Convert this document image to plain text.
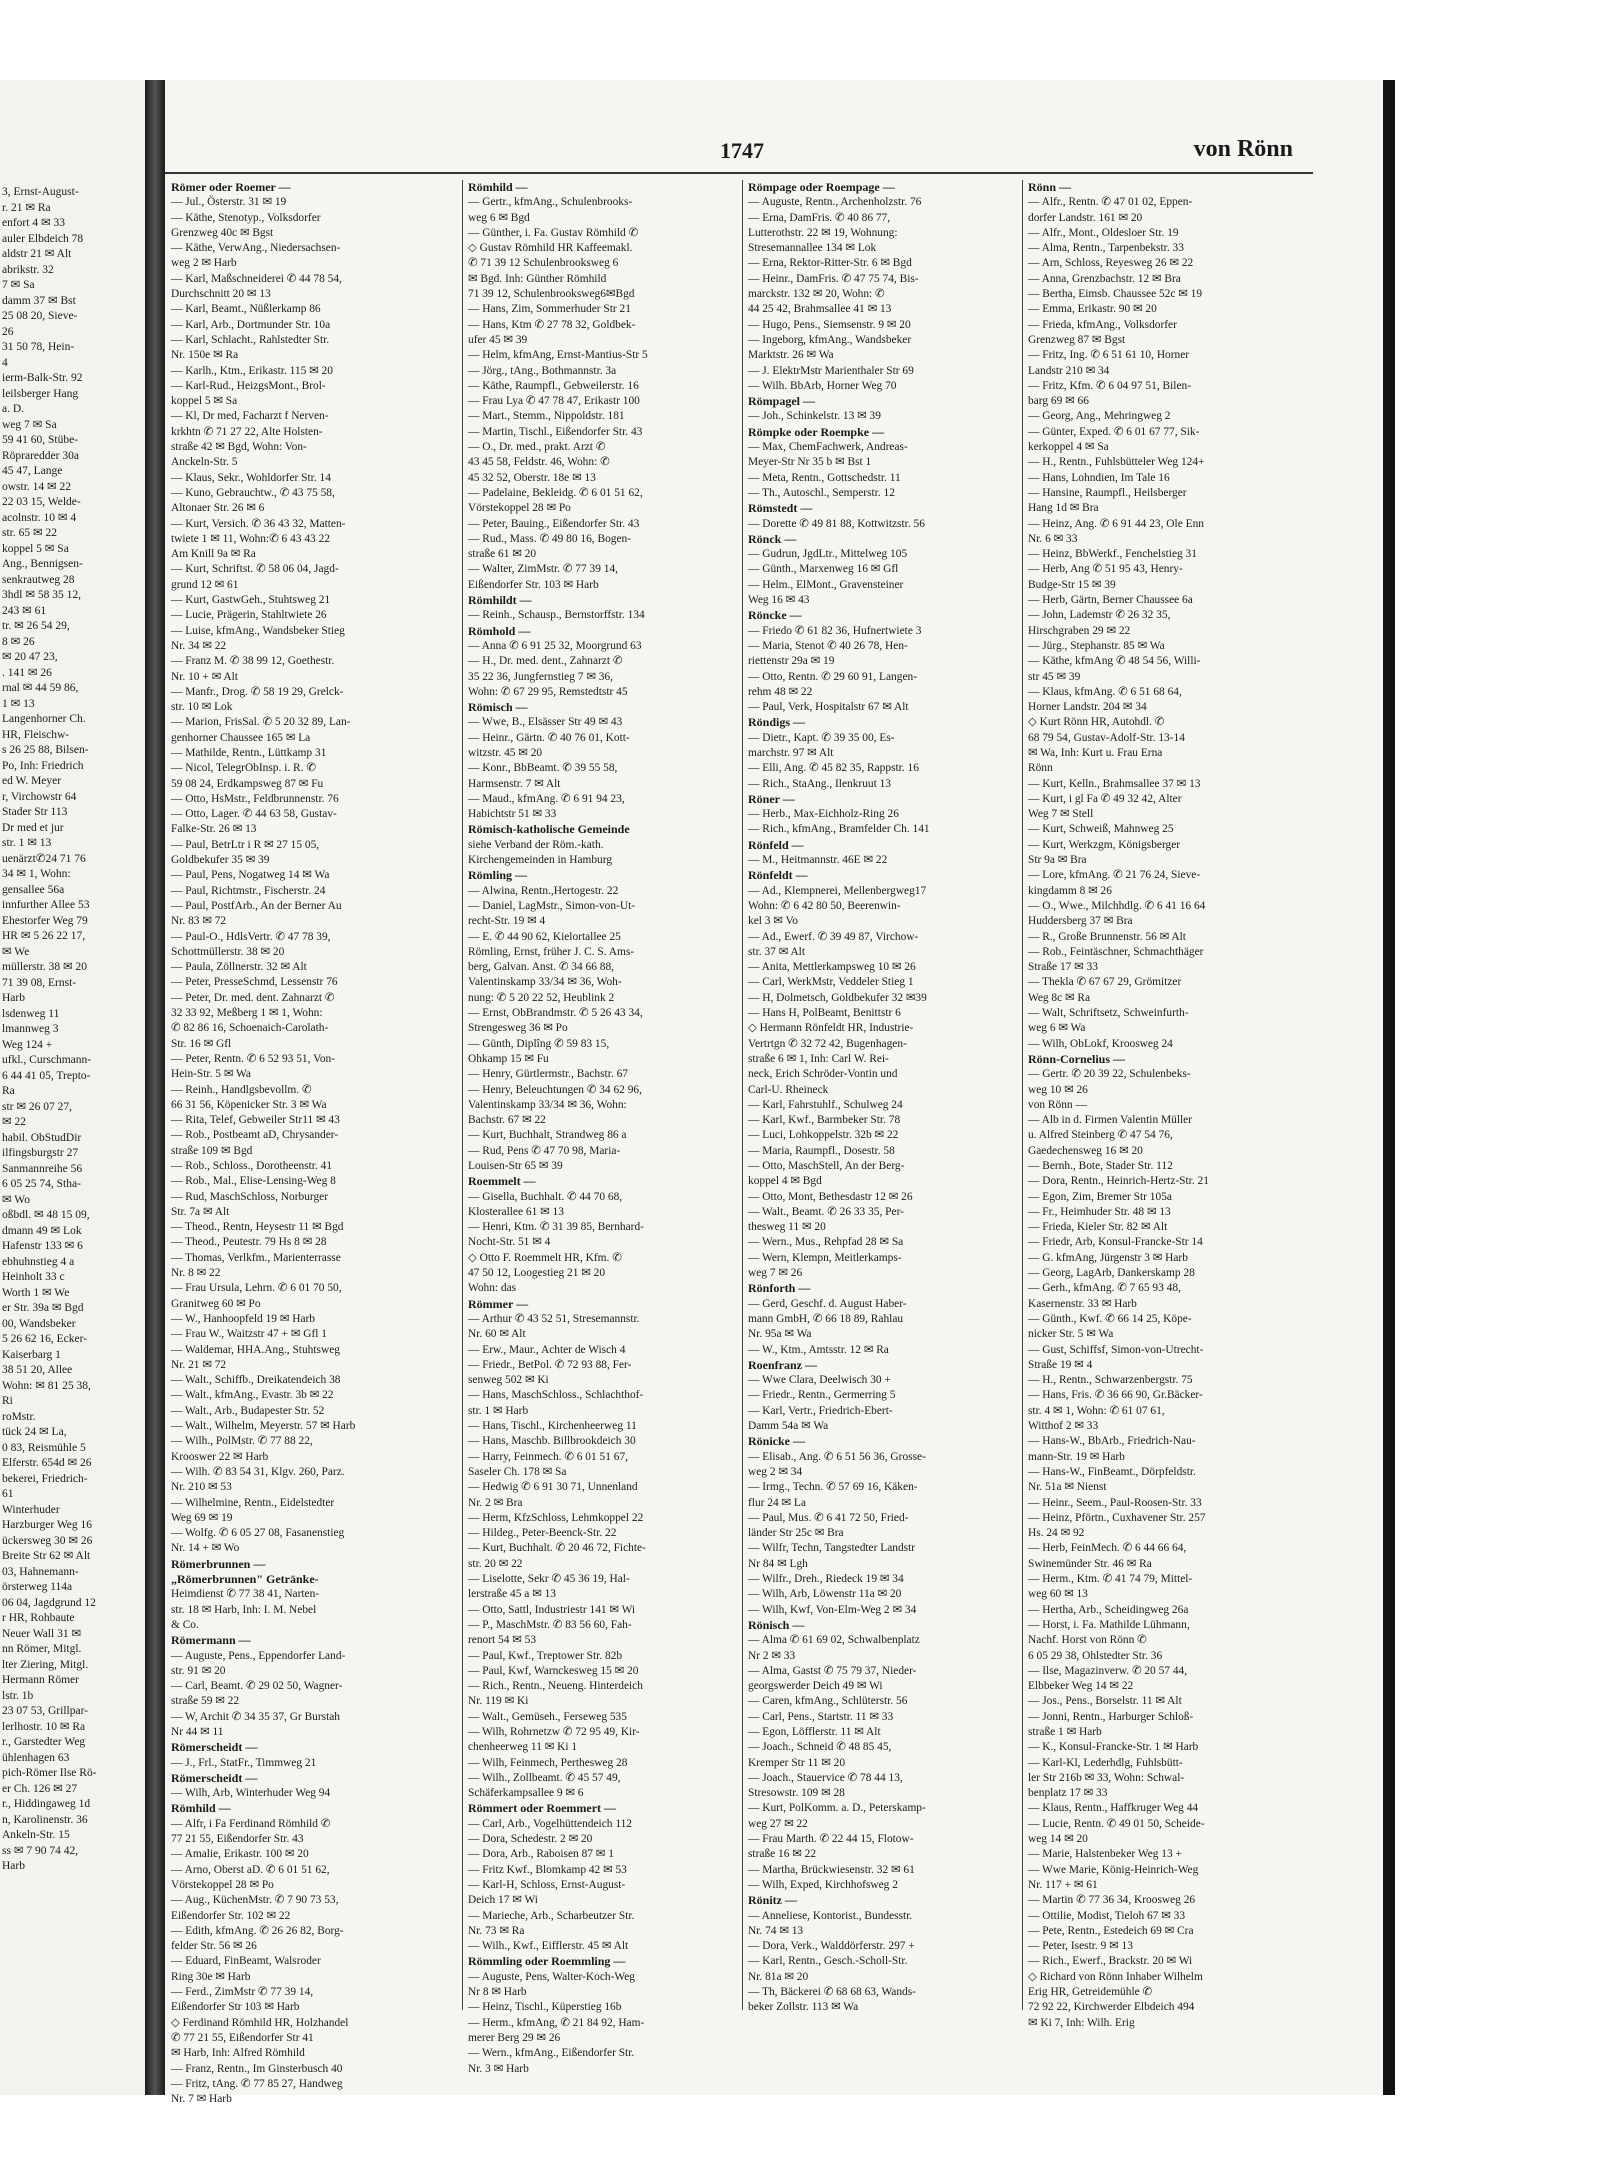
3, Ernst-August-
r. 21 ✉ Ra
enfort 4 ✉ 33
auler Elbdeich 78
aldstr 21 ✉ Alt
abrikstr. 32
7 ✉ Sa
damm 37 ✉ Bst
25 08 20, Sieve-
26
31 50 78, Hein-
4
ierm-Balk-Str. 92
leilsberger Hang
a. D.
weg 7 ✉ Sa
59 41 60, Stübe-
Röpraredder 30a
45 47, Lange
owstr. 14 ✉ 22
22 03 15, Welde-
acolnstr. 10 ✉ 4
str. 65 ✉ 22
koppel 5 ✉ Sa
Ang., Bennigsen-
senkrautweg 28
3hdl ✉ 58 35 12,
243 ✉ 61
tr. ✉ 26 54 29,
8 ✉ 26
✉ 20 47 23,
. 141 ✉ 26
rnal ✉ 44 59 86,
1 ✉ 13
Langenhorner Ch.
HR, Fleischw-
s 26 25 88, Bilsen-
Po, Inh: Friedrich
ed W. Meyer
r, Virchowstr 64
Stader Str 113
Dr med et jur
str. 1 ✉ 13
uenärzt✆24 71 76
34 ✉ 1, Wohn:
gensallee 56a
innfurther Allee 53
Ehestorfer Weg 79
HR ✉ 5 26 22 17,
✉ We
müllerstr. 38 ✉ 20
71 39 08, Ernst-
Harb
lsdenweg 11
lmannweg 3
Weg 124 +
ufkl., Curschmann-
6 44 41 05, Trepto-
Ra
str ✉ 26 07 27,
✉ 22
habil. ObStudDir
ilfingsburgstr 27
Sanmannreihe 56
6 05 25 74, Stha-
✉ Wo
oßbdl. ✉ 48 15 09,
dmann 49 ✉ Lok
Hafenstr 133 ✉ 6
ebhuhnstieg 4 a
Heinholt 33 c
Worth 1 ✉ We
er Str. 39a ✉ Bgd
00, Wandsbeker
5 26 62 16, Ecker-
Kaiserbarg 1
38 51 20, Allee
Wohn: ✉ 81 25 38,
Ri
roMstr.
tück 24 ✉ La,
0 83, Reismühle 5
Elferstr. 654d ✉ 26
bekerei, Friedrich-
61
Winterhuder
Harzburger Weg 16
ückersweg 30 ✉ 26
Breite Str 62 ✉ Alt
03, Hahnemann-
örsterweg 114a
06 04, Jagdgrund 12
r HR, Rohbaute
Neuer Wall 31 ✉
nn Römer, Mitgl.
lter Ziering, Mitgl.
Hermann Römer
lstr. 1b
23 07 53, Grillpar-
lerlhostr. 10 ✉ Ra
r., Garstedter Weg
ühlenhagen 63
pich-Römer Ilse Rö-
er Ch. 126 ✉ 27
r., Hiddingaweg 1d
n, Karolinenstr. 36
Ankeln-Str. 15
ss ✉ 7 90 74 42,
Harb
1747	von Rönn
Römer oder Roemer —
— Jul., Österstr. 31 ✉ 19
— Käthe, Stenotyp., Volksdorfer
Grenzweg 40c ✉ Bgst
— Käthe, VerwAng., Niedersachsen-
weg 2 ✉ Harb
— Karl, Maßschneiderei ✆ 44 78 54,
Durchschnitt 20 ✉ 13
— Karl, Beamt., Nüßlerkamp 86
— Karl, Arb., Dortmunder Str. 10a
— Karl, Schlacht., Rahlstedter Str.
Nr. 150e ✉ Ra
— Karlh., Ktm., Erikastr. 115 ✉ 20
— Karl-Rud., HeizgsMont., Brol-
koppel 5 ✉ Sa
— Kl, Dr med, Facharzt f Nerven-
krkhtn ✆ 71 27 22, Alte Holsten-
straße 42 ✉ Bgd, Wohn: Von-
Anckeln-Str. 5
— Klaus, Sekr., Wohldorfer Str. 14
— Kuno, Gebrauchtw., ✆ 43 75 58,
Altonaer Str. 26 ✉ 6
— Kurt, Versich. ✆ 36 43 32, Matten-
twiete 1 ✉ 11, Wohn:✆ 6 43 43 22
Am Knill 9a ✉ Ra
— Kurt, Schriftst. ✆ 58 06 04, Jagd-
grund 12 ✉ 61
— Kurt, GastwGeh., Stuhtsweg 21
— Lucie, Prägerin, Stahltwiete 26
— Luise, kfmAng., Wandsbeker Stieg
Nr. 34 ✉ 22
— Franz M. ✆ 38 99 12, Goethestr.
Nr. 10 + ✉ Alt
— Manfr., Drog. ✆ 58 19 29, Grelck-
str. 10 ✉ Lok
— Marion, FrisSal. ✆ 5 20 32 89, Lan-
genhorner Chaussee 165 ✉ La
— Mathilde, Rentn., Lüttkamp 31
— Nicol, TelegrObInsp. i. R. ✆
59 08 24, Erdkampsweg 87 ✉ Fu
— Otto, HsMstr., Feldbrunnenstr. 76
— Otto, Lager. ✆ 44 63 58, Gustav-
Falke-Str. 26 ✉ 13
— Paul, BetrLtr i R ✉ 27 15 05,
Goldbekufer 35 ✉ 39
— Paul, Pens, Nogatweg 14 ✉ Wa
— Paul, Richtmstr., Fischerstr. 24
— Paul, PostfArb., An der Berner Au
Nr. 83 ✉ 72
— Paul-O., HdlsVertr. ✆ 47 78 39,
Schottmüllerstr. 38 ✉ 20
— Paula, Zöllnerstr. 32 ✉ Alt
— Peter, PresseSchmd, Lessenstr 76
— Peter, Dr. med. dent. Zahnarzt ✆
32 33 92, Meßberg 1 ✉ 1, Wohn:
✆ 82 86 16, Schoenaich-Carolath-
Str. 16 ✉ Gfl
— Peter, Rentn. ✆ 6 52 93 51, Von-
Hein-Str. 5 ✉ Wa
— Reinh., Handlgsbevollm. ✆
66 31 56, Köpenicker Str. 3 ✉ Wa
— Rita, Telef, Gebweiler Str11 ✉ 43
— Rob., Postbeamt aD, Chrysander-
straße 109 ✉ Bgd
— Rob., Schloss., Dorotheenstr. 41
— Rob., Mal., Elise-Lensing-Weg 8
— Rud, MaschSchloss, Norburger
Str. 7a ✉ Alt
— Theod., Rentn, Heysestr 11 ✉ Bgd
— Theod., Peutestr. 79 Hs 8 ✉ 28
— Thomas, Verlkfm., Marienterrasse
Nr. 8 ✉ 22
— Frau Ursula, Lehrn. ✆ 6 01 70 50,
Granitweg 60 ✉ Po
— W., Hanhoopfeld 19 ✉ Harb
— Frau W., Waitzstr 47 + ✉ Gfl 1
— Waldemar, HHA.Ang., Stuhtsweg
Nr. 21 ✉ 72
— Walt., Schiffb., Dreikatendeich 38
— Walt., kfmAng., Evastr. 3b ✉ 22
— Walt., Arb., Budapester Str. 52
— Walt., Wilhelm, Meyerstr. 57 ✉ Harb
— Wilh., PolMstr. ✆ 77 88 22,
Krooswer 22 ✉ Harb
— Wilh. ✆ 83 54 31, Klgv. 260, Parz.
Nr. 210 ✉ 53
— Wilhelmine, Rentn., Eidelstedter
Weg 69 ✉ 19
— Wolfg. ✆ 6 05 27 08, Fasanenstieg
Nr. 14 + ✉ Wo
Römerbrunnen —
„Römerbrunnen" Getränke-
Heimdienst ✆ 77 38 41, Narten-
str. 18 ✉ Harb, Inh: I. M. Nebel
& Co.
Römermann —
— Auguste, Pens., Eppendorfer Land-
str. 91 ✉ 20
— Carl, Beamt. ✆ 29 02 50, Wagner-
straße 59 ✉ 22
— W, Archit ✆ 34 35 37, Gr Burstah
Nr 44 ✉ 11
Römerscheidt —
— J., Frl., StatFr., Timmweg 21
Römerscheidt —
— Wilh, Arb, Winterhuder Weg 94
Römhild —
— Alfr, i Fa Ferdinand Römhild ✆
77 21 55, Eißendorfer Str. 43
— Amalie, Erikastr. 100 ✉ 20
— Arno, Oberst aD. ✆ 6 01 51 62,
Vörstekoppel 28 ✉ Po
— Aug., KüchenMstr. ✆ 7 90 73 53,
Eißendorfer Str. 102 ✉ 22
— Edith, kfmAng. ✆ 26 26 82, Borg-
felder Str. 56 ✉ 26
— Eduard, FinBeamt, Walsroder
Ring 30e ✉ Harb
— Ferd., ZimMstr ✆ 77 39 14,
Eißendorfer Str 103 ✉ Harb
◇ Ferdinand Römhild HR, Holzhandel
✆ 77 21 55, Eißendorfer Str 41
✉ Harb, Inh: Alfred Römhild
— Franz, Rentn., Im Ginsterbusch 40
— Fritz, tAng. ✆ 77 85 27, Handweg
Nr. 7 ✉ Harb
Römhild —
— Gertr., kfmAng., Schulenbrooks-
weg 6 ✉ Bgd
— Günther, i. Fa. Gustav Römhild ✆
◇ Gustav Römhild HR Kaffeemakl.
✆ 71 39 12 Schulenbrooksweg 6
✉ Bgd. Inh: Günther Römhild
71 39 12, Schulenbrooksweg6✉Bgd
— Hans, Zim, Sommerhuder Str 21
— Hans, Ktm ✆ 27 78 32, Goldbek-
ufer 45 ✉ 39
— Helm, kfmAng, Ernst-Mantius-Str 5
— Jörg., tAng., Bothmannstr. 3a
— Käthe, Raumpfl., Gebweilerstr. 16
— Frau Lya ✆ 47 78 47, Erikastr 100
— Mart., Stemm., Nippoldstr. 181
— Martin, Tischl., Eißendorfer Str. 43
— O., Dr. med., prakt. Arzt ✆
43 45 58, Feldstr. 46, Wohn: ✆
45 32 52, Oberstr. 18e ✉ 13
— Padelaine, Bekleidg. ✆ 6 01 51 62,
Vörstekoppel 28 ✉ Po
— Peter, Bauing., Eißendorfer Str. 43
— Rud., Mass. ✆ 49 80 16, Bogen-
straße 61 ✉ 20
— Walter, ZimMstr. ✆ 77 39 14,
Eißendorfer Str. 103 ✉ Harb
Römhildt —
— Reinh., Schausp., Bernstorffstr. 134
Römhold —
— Anna ✆ 6 91 25 32, Moorgrund 63
— H., Dr. med. dent., Zahnarzt ✆
35 22 36, Jungfernstieg 7 ✉ 36,
Wohn: ✆ 67 29 95, Remstedtstr 45
Römisch —
— Wwe, B., Elsässer Str 49 ✉ 43
— Heinr., Gärtn. ✆ 40 76 01, Kott-
witzstr. 45 ✉ 20
— Konr., BbBeamt. ✆ 39 55 58,
Harmsenstr. 7 ✉ Alt
— Maud., kfmAng. ✆ 6 91 94 23,
Habichtstr 51 ✉ 33
Römisch-katholische Gemeinde
siehe Verband der Röm.-kath.
Kirchengemeinden in Hamburg
Römling —
— Alwina, Rentn.,Hertogestr. 22
— Daniel, LagMstr., Simon-von-Ut-
recht-Str. 19 ✉ 4
— E. ✆ 44 90 62, Kielortallee 25
Römling, Ernst, früher J. C. S. Ams-
berg, Galvan. Anst. ✆ 34 66 88,
Valentinskamp 33/34 ✉ 36, Woh-
nung: ✆ 5 20 22 52, Heublink 2
— Ernst, ObBrandmstr. ✆ 5 26 43 34,
Strengesweg 36 ✉ Po
— Günth, Diplîng ✆ 59 83 15,
Ohkamp 15 ✉ Fu
— Henry, Gürtlermstr., Bachstr. 67
— Henry, Beleuchtungen ✆ 34 62 96,
Valentinskamp 33/34 ✉ 36, Wohn:
Bachstr. 67 ✉ 22
— Kurt, Buchhalt, Strandweg 86 a
— Rud, Pens ✆ 47 70 98, Maria-
Louisen-Str 65 ✉ 39
Roemmelt —
— Gisella, Buchhalt. ✆ 44 70 68,
Klosterallee 61 ✉ 13
— Henri, Ktm. ✆ 31 39 85, Bernhard-
Nocht-Str. 51 ✉ 4
◇ Otto F. Roemmelt HR, Kfm. ✆
47 50 12, Loogestieg 21 ✉ 20
Wohn: das
Römmer —
— Arthur ✆ 43 52 51, Stresemannstr.
Nr. 60 ✉ Alt
— Erw., Maur., Achter de Wisch 4
— Friedr., BetPol. ✆ 72 93 88, Fer-
senweg 502 ✉ Ki
— Hans, MaschSchloss., Schlachthof-
str. 1 ✉ Harb
— Hans, Tischl., Kirchenheerweg 11
— Hans, Maschb. Billbrookdeich 30
— Harry, Feinmech. ✆ 6 01 51 67,
Saseler Ch. 178 ✉ Sa
— Hedwig ✆ 6 91 30 71, Unnenland
Nr. 2 ✉ Bra
— Herm, KfzSchloss, Lehmkoppel 22
— Hildeg., Peter-Beenck-Str. 22
— Kurt, Buchhalt. ✆ 20 46 72, Fichte-
str. 20 ✉ 22
— Liselotte, Sekr ✆ 45 36 19, Hal-
lerstraße 45 a ✉ 13
— Otto, Sattl, Industriestr 141 ✉ Wi
— P., MaschMstr. ✆ 83 56 60, Fah-
renort 54 ✉ 53
— Paul, Kwf., Treptower Str. 82b
— Paul, Kwf, Warnckesweg 15 ✉ 20
— Rich., Rentn., Neueng. Hinterdeich
Nr. 119 ✉ Ki
— Walt., Gemüseh., Ferseweg 535
— Wilh, Rohrnetzw ✆ 72 95 49, Kir-
chenheerweg 11 ✉ Ki 1
— Wilh, Feinmech, Perthesweg 28
— Wilh., Zollbeamt. ✆ 45 57 49,
Schäferkampsallee 9 ✉ 6
Römmert oder Roemmert —
— Carl, Arb., Vogelhüttendeich 112
— Dora, Schedestr. 2 ✉ 20
— Dora, Arb., Raboisen 87 ✉ 1
— Fritz Kwf., Blomkamp 42 ✉ 53
— Karl-H, Schloss, Ernst-August-
Deich 17 ✉ Wi
— Marieche, Arb., Scharbeutzer Str.
Nr. 73 ✉ Ra
— Wilh., Kwf., Eifflerstr. 45 ✉ Alt
Römmling oder Roemmling —
— Auguste, Pens, Walter-Koch-Weg
Nr 8 ✉ Harb
— Heinz, Tischl., Küperstieg 16b
— Herm., kfmAng, ✆ 21 84 92, Ham-
merer Berg 29 ✉ 26
— Wern., kfmAng., Eißendorfer Str.
Nr. 3 ✉ Harb
Römpage oder Roempage —
— Auguste, Rentn., Archenholzstr. 76
— Erna, DamFris. ✆ 40 86 77,
Lutterothstr. 22 ✉ 19, Wohnung:
Stresemannallee 134 ✉ Lok
— Erna, Rektor-Ritter-Str. 6 ✉ Bgd
— Heinr., DamFris. ✆ 47 75 74, Bis-
marckstr. 132 ✉ 20, Wohn: ✆
44 25 42, Brahmsallee 41 ✉ 13
— Hugo, Pens., Siemsenstr. 9 ✉ 20
— Ingeborg, kfmAng., Wandsbeker
Marktstr. 26 ✉ Wa
— J. ElektrMstr Marienthaler Str 69
— Wilh. BbArb, Horner Weg 70
Römpagel —
— Joh., Schinkelstr. 13 ✉ 39
Römpke oder Roempke —
— Max, ChemFachwerk, Andreas-
Meyer-Str Nr 35 b ✉ Bst 1
— Meta, Rentn., Gottschedstr. 11
— Th., Autoschl., Semperstr. 12
Römstedt —
— Dorette ✆ 49 81 88, Kottwitzstr. 56
Rönck —
— Gudrun, JgdLtr., Mittelweg 105
— Günth., Marxenweg 16 ✉ Gfl
— Helm., ElMont., Gravensteiner
Weg 16 ✉ 43
Röncke —
— Friedo ✆ 61 82 36, Hufnertwiete 3
— Maria, Stenot ✆ 40 26 78, Hen-
riettenstr 29a ✉ 19
— Otto, Rentn. ✆ 29 60 91, Langen-
rehm 48 ✉ 22
— Paul, Verk, Hospitalstr 67 ✉ Alt
Röndigs —
— Dietr., Kapt. ✆ 39 35 00, Es-
marchstr. 97 ✉ Alt
— Elli, Ang. ✆ 45 82 35, Rappstr. 16
— Rich., StaAng., Ilenkruut 13
Röner —
— Herb., Max-Eichholz-Ring 26
— Rich., kfmAng., Bramfelder Ch. 141
Rönfeld —
— M., Heitmannstr. 46E ✉ 22
Rönfeldt —
— Ad., Klempnerei, Mellenbergweg17
Wohn: ✆ 6 42 80 50, Beerenwin-
kel 3 ✉ Vo
— Ad., Ewerf. ✆ 39 49 87, Virchow-
str. 37 ✉ Alt
— Anita, Mettlerkampsweg 10 ✉ 26
— Carl, WerkMstr, Veddeler Stieg 1
— H, Dolmetsch, Goldbekufer 32 ✉39
— Hans H, PolBeamt, Benittstr 6
◇ Hermann Rönfeldt HR, Industrie-
Vertrtgn ✆ 32 72 42, Bugenhagen-
straße 6 ✉ 1, Inh: Carl W. Rei-
neck, Erich Schröder-Vontin und
Carl-U. Rheineck
— Karl, Fahrstuhlf., Schulweg 24
— Karl, Kwf., Barmbeker Str. 78
— Luci, Lohkoppelstr. 32b ✉ 22
— Maria, Raumpfl., Dosestr. 58
— Otto, MaschStell, An der Berg-
koppel 4 ✉ Bgd
— Otto, Mont, Bethesdastr 12 ✉ 26
— Walt., Beamt. ✆ 26 33 35, Per-
thesweg 11 ✉ 20
— Wern., Mus., Rehpfad 28 ✉ Sa
— Wern, Klempn, Meitlerkamps-
weg 7 ✉ 26
Rönforth —
— Gerd, Geschf. d. August Haber-
mann GmbH, ✆ 66 18 89, Rahlau
Nr. 95a ✉ Wa
— W., Ktm., Amtsstr. 12 ✉ Ra
Roenfranz —
— Wwe Clara, Deelwisch 30 +
— Friedr., Rentn., Germerring 5
— Karl, Vertr., Friedrich-Ebert-
Damm 54a ✉ Wa
Rönicke —
— Elisab., Ang. ✆ 6 51 56 36, Grosse-
weg 2 ✉ 34
— Irmg., Techn. ✆ 57 69 16, Käken-
flur 24 ✉ La
— Paul, Mus. ✆ 6 41 72 50, Fried-
länder Str 25c ✉ Bra
— Wilfr, Techn, Tangstedter Landstr
Nr 84 ✉ Lgh
— Wilfr., Dreh., Riedeck 19 ✉ 34
— Wilh, Arb, Löwenstr 11a ✉ 20
— Wilh, Kwf, Von-Elm-Weg 2 ✉ 34
Rönisch —
— Alma ✆ 61 69 02, Schwalbenplatz
Nr 2 ✉ 33
— Alma, Gastst ✆ 75 79 37, Nieder-
georgswerder Deich 49 ✉ Wi
— Caren, kfmAng., Schlüterstr. 56
— Carl, Pens., Startstr. 11 ✉ 33
— Egon, Löfflerstr. 11 ✉ Alt
— Joach., Schneid ✆ 48 85 45,
Kremper Str 11 ✉ 20
— Joach., Stauervice ✆ 78 44 13,
Stresowstr. 109 ✉ 28
— Kurt, PolKomm. a. D., Peterskamp-
weg 27 ✉ 22
— Frau Marth. ✆ 22 44 15, Flotow-
straße 16 ✉ 22
— Martha, Brückwiesenstr. 32 ✉ 61
— Wilh, Exped, Kirchhofsweg 2
Rönitz —
— Anneliese, Kontorist., Bundesstr.
Nr. 74 ✉ 13
— Dora, Verk., Walddörferstr. 297 +
— Karl, Rentn., Gesch.-Scholl-Str.
Nr. 81a ✉ 20
— Th, Bäckerei ✆ 68 68 63, Wands-
beker Zollstr. 113 ✉ Wa
Rönn —
— Alfr., Rentn. ✆ 47 01 02, Eppen-
dorfer Landstr. 161 ✉ 20
— Alfr., Mont., Oldesloer Str. 19
— Alma, Rentn., Tarpenbekstr. 33
— Arn, Schloss, Reyesweg 26 ✉ 22
— Anna, Grenzbachstr. 12 ✉ Bra
— Bertha, Eimsb. Chaussee 52c ✉ 19
— Emma, Erikastr. 90 ✉ 20
— Frieda, kfmAng., Volksdorfer
Grenzweg 87 ✉ Bgst
— Fritz, Ing. ✆ 6 51 61 10, Horner
Landstr 210 ✉ 34
— Fritz, Kfm. ✆ 6 04 97 51, Bilen-
barg 69 ✉ 66
— Georg, Ang., Mehringweg 2
— Günter, Exped. ✆ 6 01 67 77, Sik-
kerkoppel 4 ✉ Sa
— H., Rentn., Fuhlsbütteler Weg 124+
— Hans, Lohndien, Im Tale 16
— Hansine, Raumpfl., Heilsberger
Hang 1d ✉ Bra
— Heinz, Ang. ✆ 6 91 44 23, Ole Enn
Nr. 6 ✉ 33
— Heinz, BbWerkf., Fenchelstieg 31
— Herb, Ang ✆ 51 95 43, Henry-
Budge-Str 15 ✉ 39
— Herb, Gärtn, Berner Chaussee 6a
— John, Lademstr ✆ 26 32 35,
Hirschgraben 29 ✉ 22
— Jürg., Stephanstr. 85 ✉ Wa
— Käthe, kfmAng ✆ 48 54 56, Willi-
str 45 ✉ 39
— Klaus, kfmAng. ✆ 6 51 68 64,
Horner Landstr. 204 ✉ 34
◇ Kurt Rönn HR, Autohdl. ✆
68 79 54, Gustav-Adolf-Str. 13-14
✉ Wa, Inh: Kurt u. Frau Erna
Rönn
— Kurt, Kelln., Brahmsallee 37 ✉ 13
— Kurt, i gl Fa ✆ 49 32 42, Alter
Weg 7 ✉ Stell
— Kurt, Schweiß, Mahnweg 25
— Kurt, Werkzgm, Königsberger
Str 9a ✉ Bra
— Lore, kfmAng. ✆ 21 76 24, Sieve-
kingdamm 8 ✉ 26
— O., Wwe., Milchhdlg. ✆ 6 41 16 64
Huddersberg 37 ✉ Bra
— R., Große Brunnenstr. 56 ✉ Alt
— Rob., Feintäschner, Schmachthäger
Straße 17 ✉ 33
— Thekla ✆ 67 67 29, Grömitzer
Weg 8c ✉ Ra
— Walt, Schriftsetz, Schweinfurth-
weg 6 ✉ Wa
— Wilh, ObLokf, Kroosweg 24
Rönn-Cornelius —
— Gertr. ✆ 20 39 22, Schulenbeks-
weg 10 ✉ 26
von Rönn —
— Alb in d. Firmen Valentin Müller
u. Alfred Steinberg ✆ 47 54 76,
Gaedechensweg 16 ✉ 20
— Bernh., Bote, Stader Str. 112
— Dora, Rentn., Heinrich-Hertz-Str. 21
— Egon, Zim, Bremer Str 105a
— Fr., Heimhuder Str. 48 ✉ 13
— Frieda, Kieler Str. 82 ✉ Alt
— Friedr, Arb, Konsul-Francke-Str 14
— G. kfmAng, Jürgenstr 3 ✉ Harb
— Georg, LagArb, Dankerskamp 28
— Gerh., kfmAng. ✆ 7 65 93 48,
Kasernenstr. 33 ✉ Harb
— Günth., Kwf. ✆ 66 14 25, Köpe-
nicker Str. 5 ✉ Wa
— Gust, Schiffsf, Simon-von-Utrecht-
Straße 19 ✉ 4
— H., Rentn., Schwarzenbergstr. 75
— Hans, Fris. ✆ 36 66 90, Gr.Bäcker-
str. 4 ✉ 1, Wohn: ✆ 61 07 61,
Witthof 2 ✉ 33
— Hans-W., BbArb., Friedrich-Nau-
mann-Str. 19 ✉ Harb
— Hans-W., FinBeamt., Dörpfeldstr.
Nr. 51a ✉ Nienst
— Heinr., Seem., Paul-Roosen-Str. 33
— Heinz, Pförtn., Cuxhavener Str. 257
Hs. 24 ✉ 92
— Herb, FeinMech. ✆ 6 44 66 64,
Swinemünder Str. 46 ✉ Ra
— Herm., Ktm. ✆ 41 74 79, Mittel-
weg 60 ✉ 13
— Hertha, Arb., Scheidingweg 26a
— Horst, i. Fa. Mathilde Lühmann,
Nachf. Horst von Rönn ✆
6 05 29 38, Ohlstedter Str. 36
— Ilse, Magazinverw. ✆ 20 57 44,
Elbbeker Weg 14 ✉ 22
— Jos., Pens., Borselstr. 11 ✉ Alt
— Jonni, Rentn., Harburger Schloß-
straße 1 ✉ Harb
— K., Konsul-Francke-Str. 1 ✉ Harb
— Karl-Kl, Lederhdlg, Fuhlsbütt-
ler Str 216b ✉ 33, Wohn: Schwal-
benplatz 17 ✉ 33
— Klaus, Rentn., Haffkruger Weg 44
— Lucie, Rentn. ✆ 49 01 50, Scheide-
weg 14 ✉ 20
— Marie, Halstenbeker Weg 13 +
— Wwe Marie, König-Heinrich-Weg
Nr. 117 + ✉ 61
— Martin ✆ 77 36 34, Kroosweg 26
— Ottilie, Modist, Tieloh 67 ✉ 33
— Pete, Rentn., Estedeich 69 ✉ Cra
— Peter, Isestr. 9 ✉ 13
— Rich., Ewerf., Brackstr. 20 ✉ Wi
◇ Richard von Rönn Inhaber Wilhelm
Erig HR, Getreidemühle ✆
72 92 22, Kirchwerder Elbdeich 494
✉ Ki 7, Inh: Wilh. Erig
